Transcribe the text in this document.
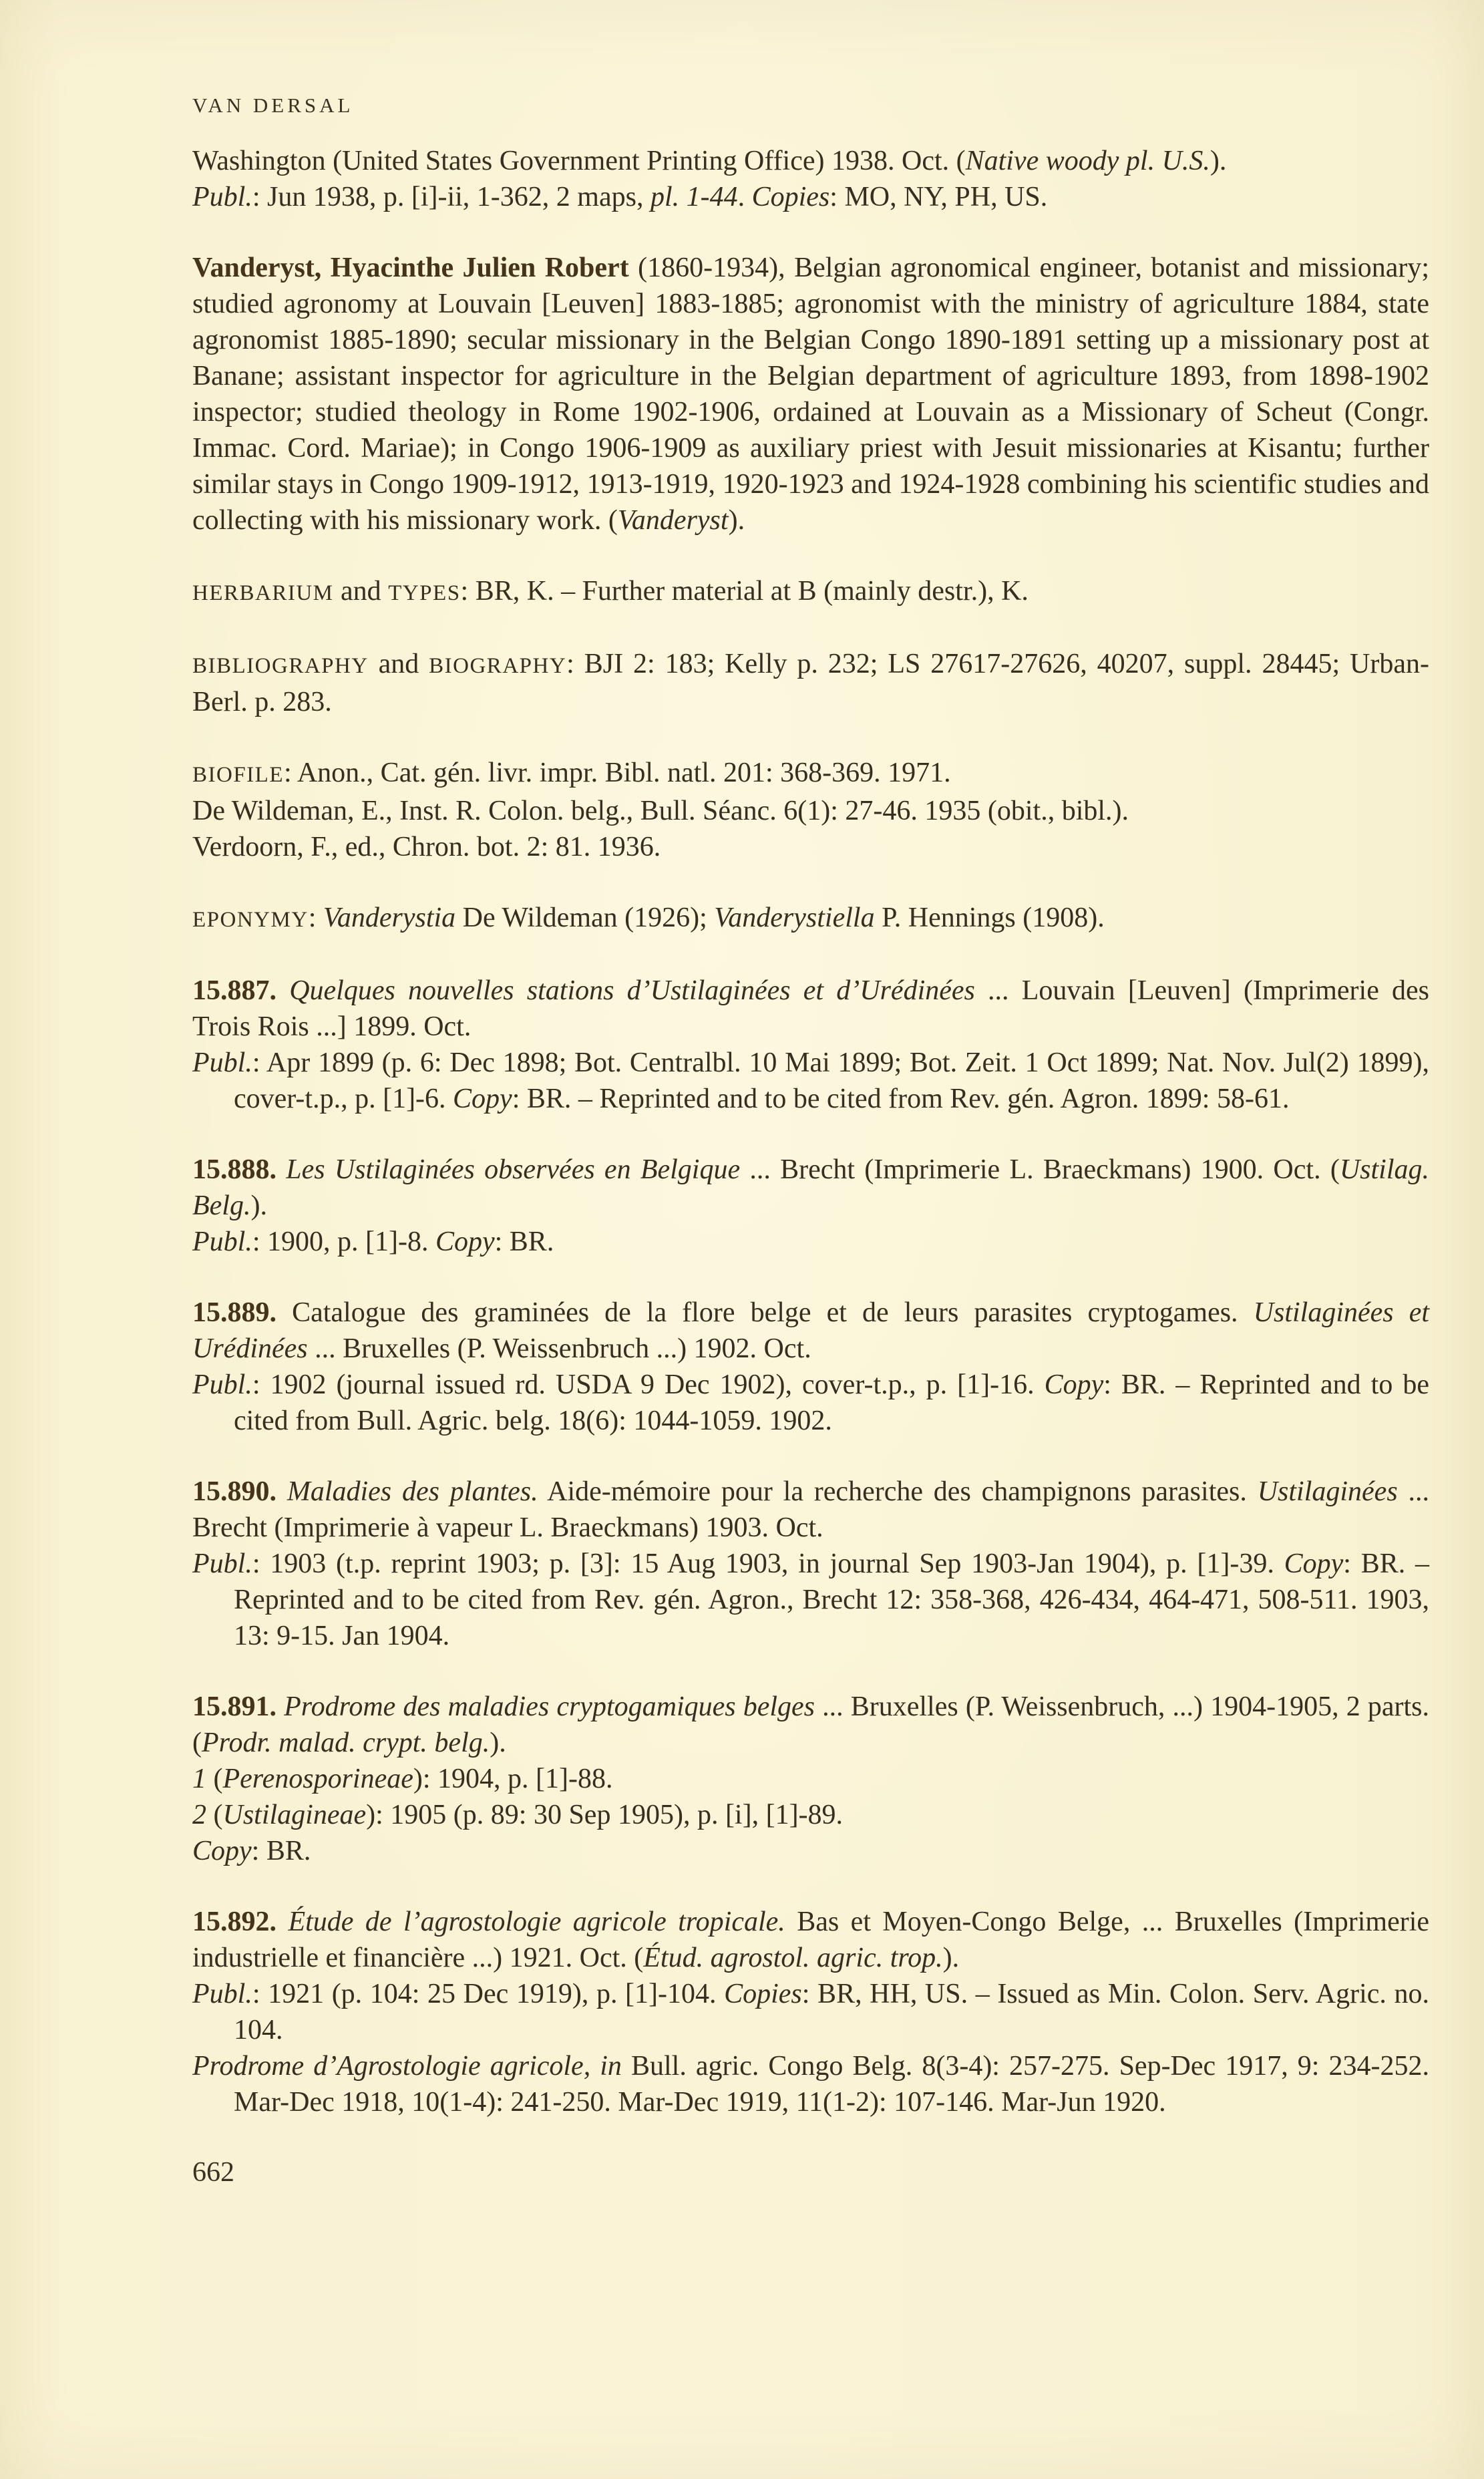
VAN DERSAL

Washington (United States Government Printing Office) 1938. Oct. (Native woody pl. U.S.).

Publ.: Jun 1938, p. [i]-ii, 1-362, 2 maps, pl. 1-44. Copies: MO, NY, PH, US.

Vanderyst, Hyacinthe Julien Robert (1860-1934), Belgian agronomical engineer, botanist and missionary; studied agronomy at Louvain [Leuven] 1883-1885; agronomist with the ministry of agriculture 1884, state agronomist 1885-1890; secular missionary in the Belgian Congo 1890-1891 setting up a missionary post at Banane; assistant inspector for agriculture in the Belgian department of agriculture 1893, from 1898-1902 inspector; studied theology in Rome 1902-1906, ordained at Louvain as a Missionary of Scheut (Congr. Immac. Cord. Mariae); in Congo 1906-1909 as auxiliary priest with Jesuit missionaries at Kisantu; further similar stays in Congo 1909-1912, 1913-1919, 1920-1923 and 1924-1928 combining his scientific studies and collecting with his missionary work. (Vanderyst).

HERBARIUM and TYPES: BR, K. – Further material at B (mainly destr.), K.

BIBLIOGRAPHY and BIOGRAPHY: BJI 2: 183; Kelly p. 232; LS 27617-27626, 40207, suppl. 28445; Urban-Berl. p. 283.

BIOFILE: Anon., Cat. gén. livr. impr. Bibl. natl. 201: 368-369. 1971.

De Wildeman, E., Inst. R. Colon. belg., Bull. Séanc. 6(1): 27-46. 1935 (obit., bibl.).

Verdoorn, F., ed., Chron. bot. 2: 81. 1936.

EPONYMY: Vanderystia De Wildeman (1926); Vanderystiella P. Hennings (1908).

15.887. Quelques nouvelles stations d’Ustilaginées et d’Urédinées ... Louvain [Leuven] (Imprimerie des Trois Rois ...] 1899. Oct.

Publ.: Apr 1899 (p. 6: Dec 1898; Bot. Centralbl. 10 Mai 1899; Bot. Zeit. 1 Oct 1899; Nat. Nov. Jul(2) 1899), cover-t.p., p. [1]-6. Copy: BR. – Reprinted and to be cited from Rev. gén. Agron. 1899: 58-61.

15.888. Les Ustilaginées observées en Belgique ... Brecht (Imprimerie L. Braeckmans) 1900. Oct. (Ustilag. Belg.).

Publ.: 1900, p. [1]-8. Copy: BR.

15.889. Catalogue des graminées de la flore belge et de leurs parasites cryptogames. Ustilaginées et Urédinées ... Bruxelles (P. Weissenbruch ...) 1902. Oct.

Publ.: 1902 (journal issued rd. USDA 9 Dec 1902), cover-t.p., p. [1]-16. Copy: BR. – Reprinted and to be cited from Bull. Agric. belg. 18(6): 1044-1059. 1902.

15.890. Maladies des plantes. Aide-mémoire pour la recherche des champignons parasites. Ustilaginées ... Brecht (Imprimerie à vapeur L. Braeckmans) 1903. Oct.

Publ.: 1903 (t.p. reprint 1903; p. [3]: 15 Aug 1903, in journal Sep 1903-Jan 1904), p. [1]-39. Copy: BR. – Reprinted and to be cited from Rev. gén. Agron., Brecht 12: 358-368, 426-434, 464-471, 508-511. 1903, 13: 9-15. Jan 1904.

15.891. Prodrome des maladies cryptogamiques belges ... Bruxelles (P. Weissenbruch, ...) 1904-1905, 2 parts. (Prodr. malad. crypt. belg.).

1 (Perenosporineae): 1904, p. [1]-88.

2 (Ustilagineae): 1905 (p. 89: 30 Sep 1905), p. [i], [1]-89.

Copy: BR.

15.892. Étude de l’agrostologie agricole tropicale. Bas et Moyen-Congo Belge, ... Bruxelles (Imprimerie industrielle et financière ...) 1921. Oct. (Étud. agrostol. agric. trop.).

Publ.: 1921 (p. 104: 25 Dec 1919), p. [1]-104. Copies: BR, HH, US. – Issued as Min. Colon. Serv. Agric. no. 104.

Prodrome d’Agrostologie agricole, in Bull. agric. Congo Belg. 8(3-4): 257-275. Sep-Dec 1917, 9: 234-252. Mar-Dec 1918, 10(1-4): 241-250. Mar-Dec 1919, 11(1-2): 107-146. Mar-Jun 1920.

662
